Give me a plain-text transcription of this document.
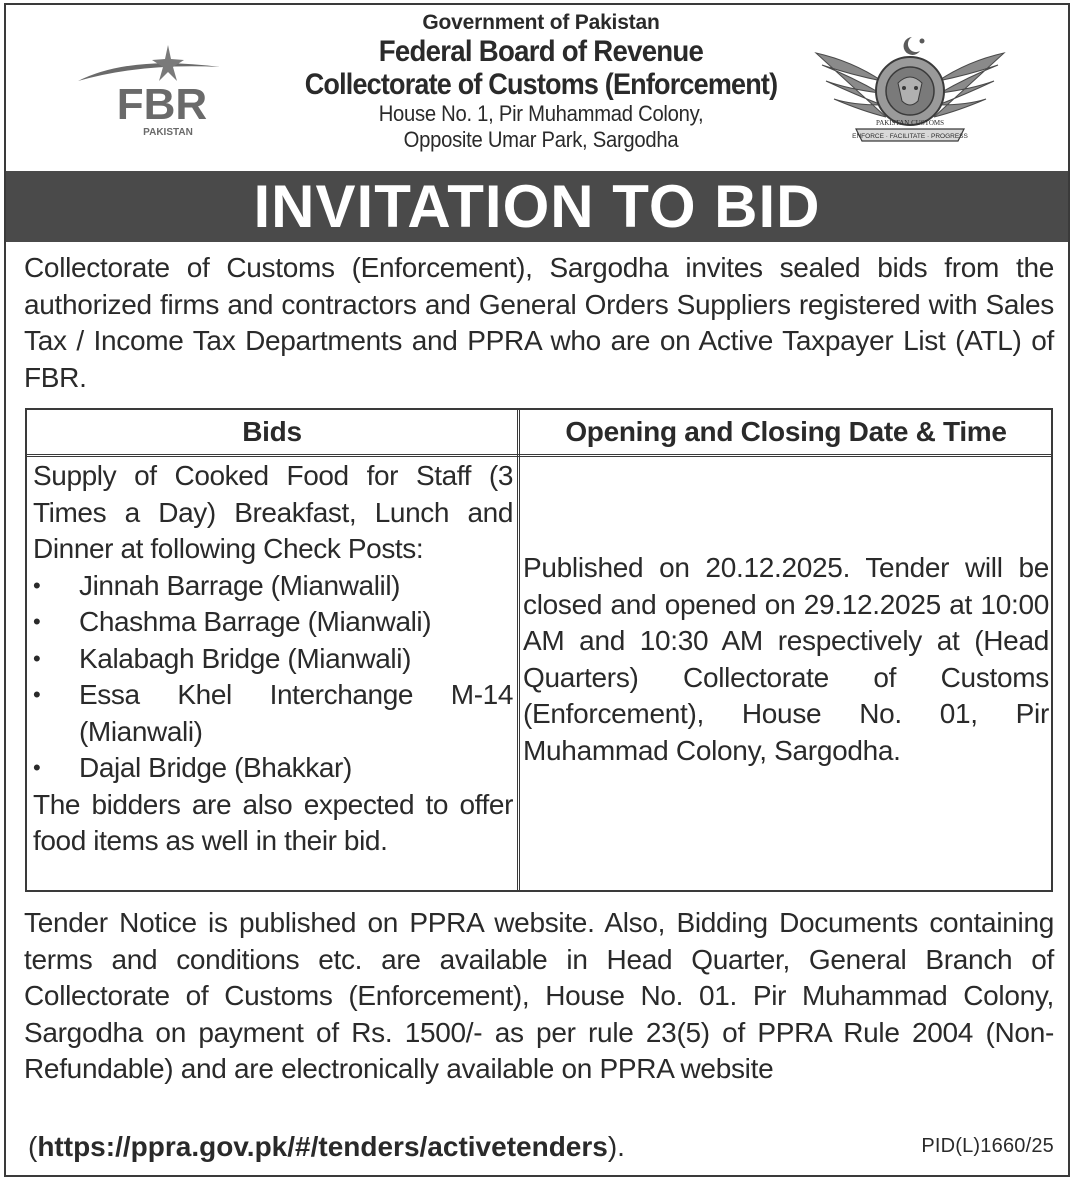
FBR
PAKISTAN
Government of Pakistan
Federal Board of Revenue
Collectorate of Customs (Enforcement)
House No. 1, Pir Muhammad Colony,
Opposite Umar Park, Sargodha	ENFORCE · FACILITATE · PROGRESS
PAKISTAN CUSTOMS
INVITATION TO BID
Collectorate of Customs (Enforcement), Sargodha invites sealed bids from the authorized firms and contractors and General Orders Suppliers registered with Sales Tax / Income Tax Departments and PPRA who are on Active Taxpayer List (ATL) of FBR.
Bids	Opening and Closing Date & Time
Supply of Cooked Food for Staff (3 Times a Day) Breakfast, Lunch and Dinner at following Check Posts:
• Jinnah Barrage (Mianwalil)
• Chashma Barrage (Mianwali)
• Kalabagh Bridge (Mianwali)
• Essa Khel Interchange M-14 (Mianwali)
• Dajal Bridge (Bhakkar)
The bidders are also expected to offer food items as well in their bid.
Published on 20.12.2025. Tender will be closed and opened on 29.12.2025 at 10:00 AM and 10:30 AM respectively at (Head Quarters) Collectorate of Customs (Enforcement), House No. 01, Pir Muhammad Colony, Sargodha.
Tender Notice is published on PPRA website. Also, Bidding Documents containing terms and conditions etc. are available in Head Quarter, General Branch of Collectorate of Customs (Enforcement), House No. 01. Pir Muhammad Colony, Sargodha on payment of Rs. 1500/- as per rule 23(5) of PPRA Rule 2004 (Non-Refundable) and are electronically available on PPRA website
(https://ppra.gov.pk/#/tenders/activetenders).	PID(L)1660/25
